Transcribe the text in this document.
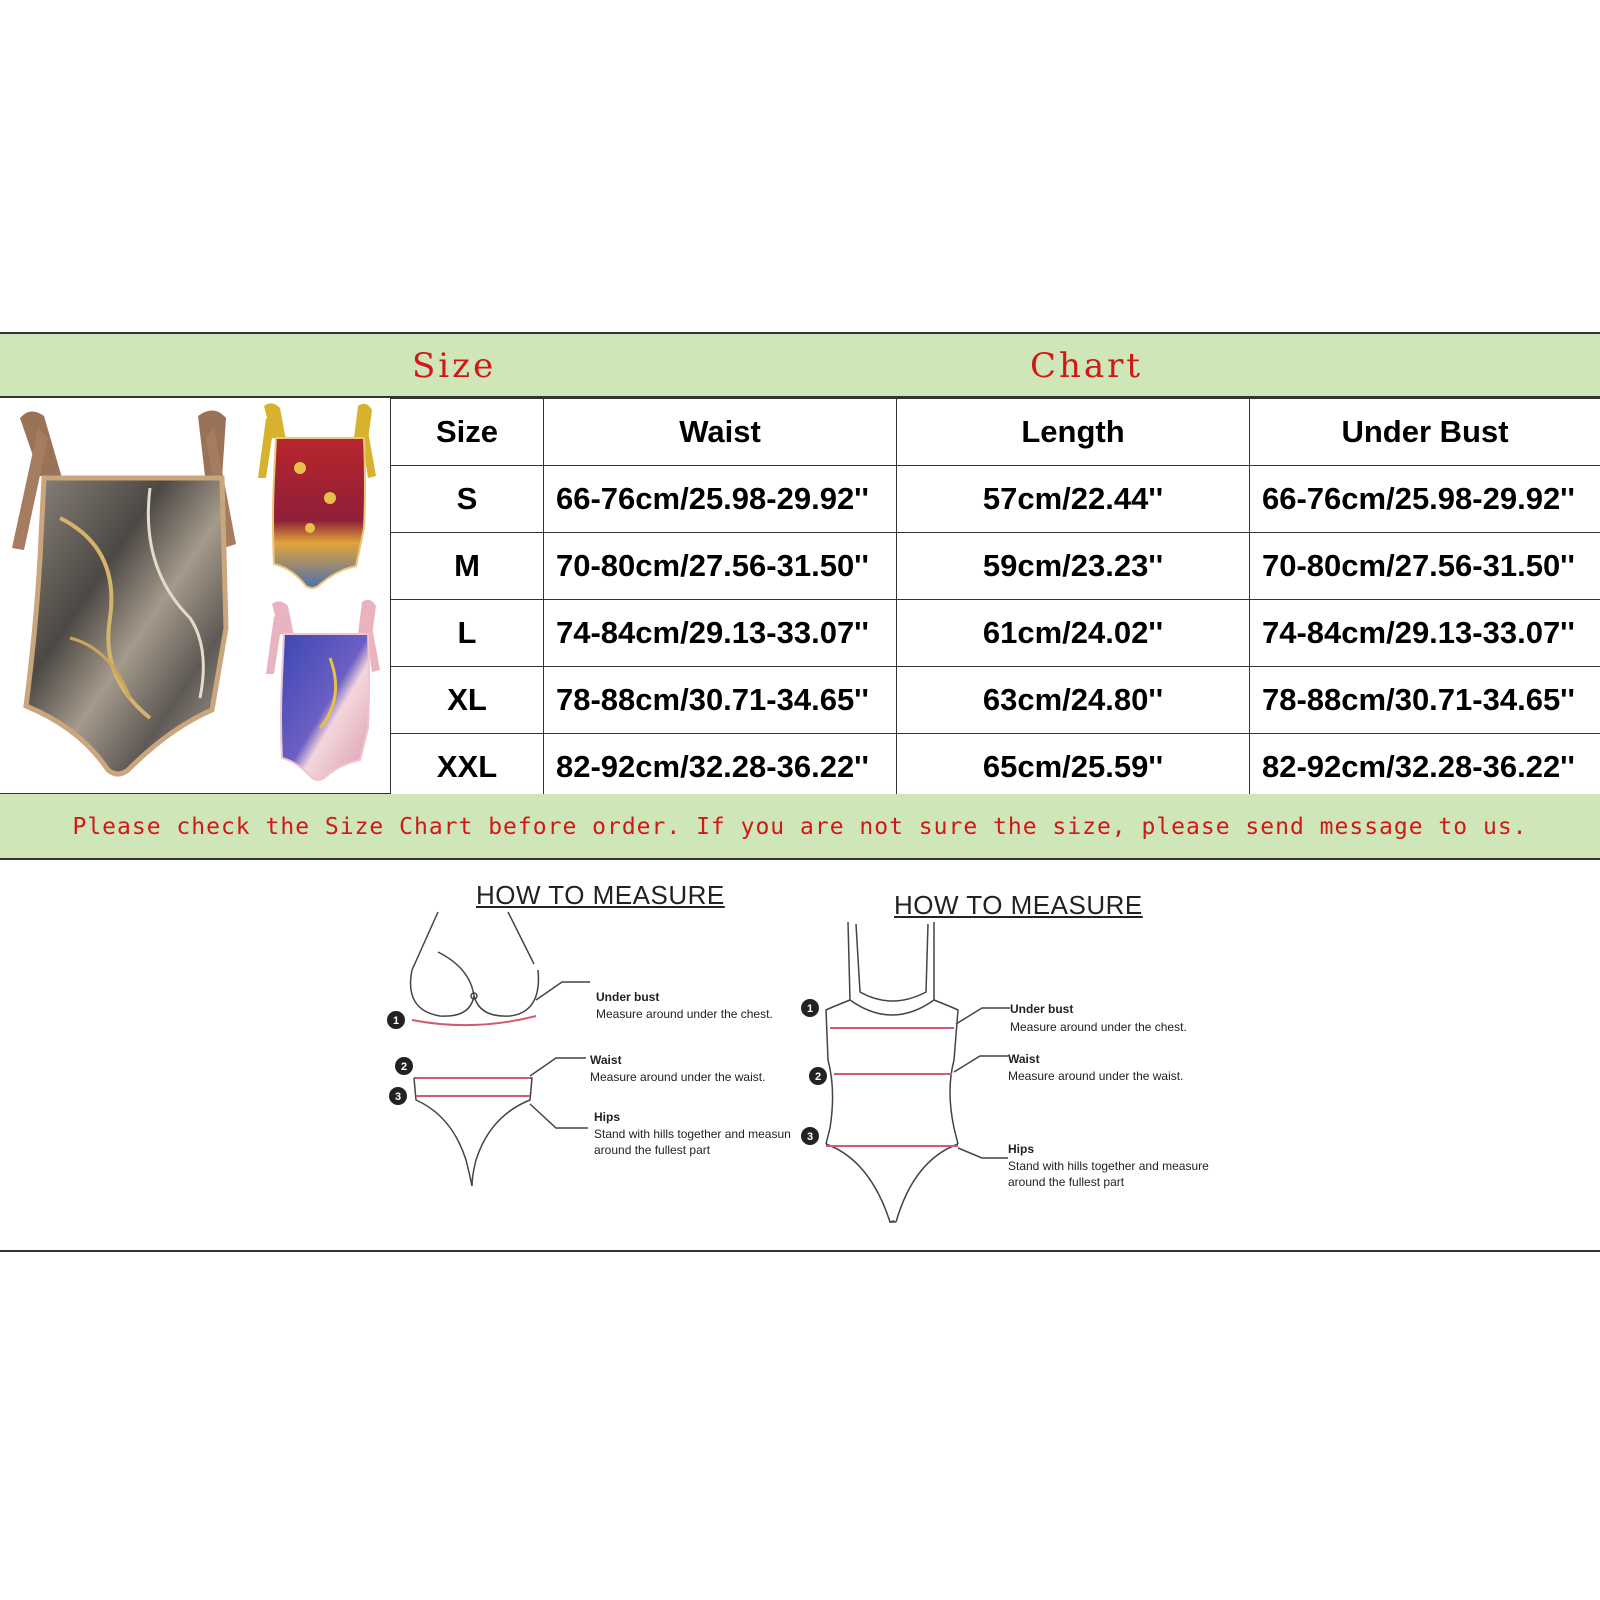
Size	Chart
Size	Waist	Length	Under Bust
S	66-76cm/25.98-29.92''	57cm/22.44''	66-76cm/25.98-29.92''
M	70-80cm/27.56-31.50''	59cm/23.23''	70-80cm/27.56-31.50''
L	74-84cm/29.13-33.07''	61cm/24.02''	74-84cm/29.13-33.07''
XL	78-88cm/30.71-34.65''	63cm/24.80''	78-88cm/30.71-34.65''
XXL	82-92cm/32.28-36.22''	65cm/25.59''	82-92cm/32.28-36.22''
Please check the Size Chart before order. If you are not sure the size, please send message to us.
HOW TO MEASURE	HOW TO MEASURE
1
2
3
1
2
3
Under bust
Measure around under the chest.
Waist
Measure around under the waist.
Hips
Stand with hills together and measun
around the fullest part
Under bust
Measure around under the chest.
Waist
Measure around under the waist.
Hips
Stand with hills together and measure
around the fullest part
